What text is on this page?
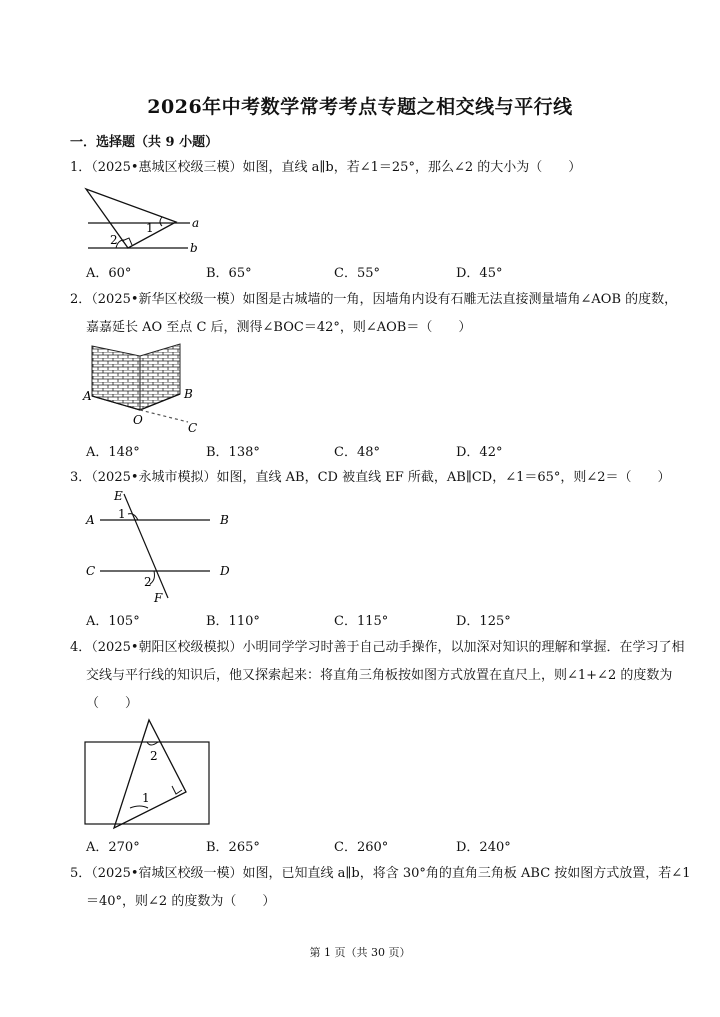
2026年中考数学常考考点专题之相交线与平行线
一．选择题（共 9 小题）
1．（2025•惠城区校级三模）如图，直线 a∥b，若∠1＝25°，那么∠2 的大小为（　　）
a
b
1
2
A．60°	B．65°	C．55°	D．45°
2．（2025•新华区校级一模）如图是古城墙的一角，因墙角内设有石雕无法直接测量墙角∠AOB 的度数，
嘉嘉延长 AO 至点 C 后，测得∠BOC＝42°，则∠AOB＝（　　）
A	B
O
C
A．148°	B．138°	C．48°	D．42°
3．（2025•永城市模拟）如图，直线 AB，CD 被直线 EF 所截，AB∥CD，∠1＝65°，则∠2＝（　　）
E
A	B
C	D
F
1
2
A．105°	B．110°	C．115°	D．125°
4．（2025•朝阳区校级模拟）小明同学学习时善于自己动手操作，以加深对知识的理解和掌握．在学习了相
交线与平行线的知识后，他又探索起来：将直角三角板按如图方式放置在直尺上，则∠1+∠2 的度数为
（　　）
2
1
A．270°	B．265°	C．260°	D．240°
5．（2025•宿城区校级一模）如图，已知直线 a∥b，将含 30°角的直角三角板 ABC 按如图方式放置，若∠1
＝40°，则∠2 的度数为（　　）
第 1 页（共 30 页）
